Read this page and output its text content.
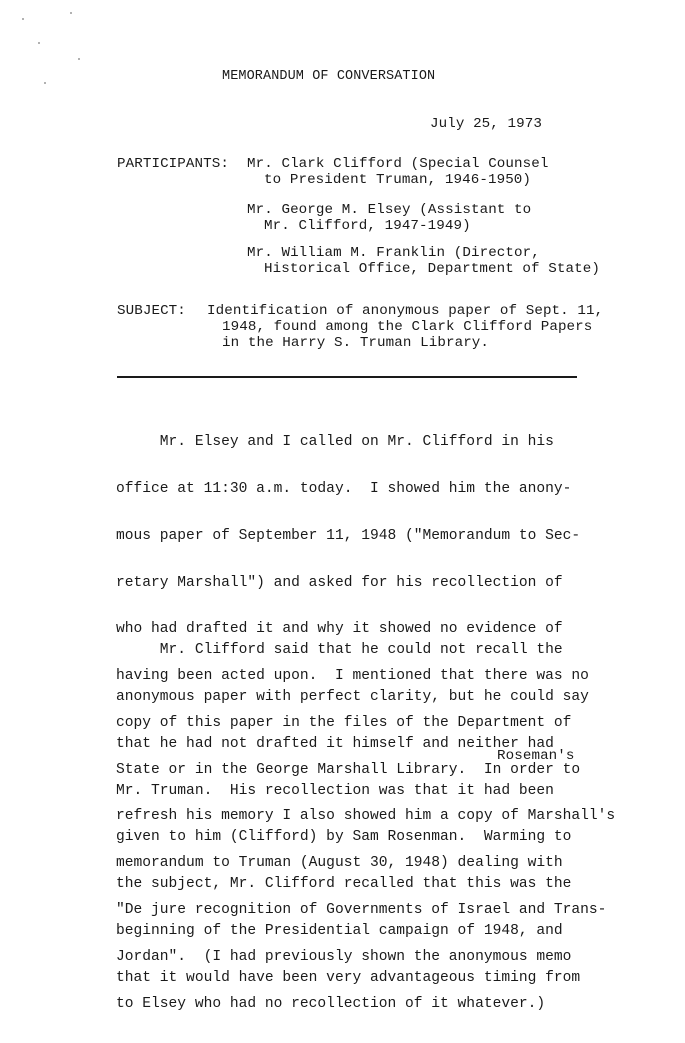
MEMORANDUM OF CONVERSATION
July 25, 1973
PARTICIPANTS: Mr. Clark Clifford (Special Counsel
to President Truman, 1946-1950)
Mr. George M. Elsey (Assistant to
Mr. Clifford, 1947-1949)
Mr. William M. Franklin (Director,
Historical Office, Department of State)
SUBJECT: Identification of anonymous paper of Sept. 11,
1948, found among the Clark Clifford Papers
in the Harry S. Truman Library.

Mr. Elsey and I called on Mr. Clifford in his

office at 11:30 a.m. today.  I showed him the anony-

mous paper of September 11, 1948 ("Memorandum to Sec-

retary Marshall") and asked for his recollection of

who had drafted it and why it showed no evidence of

having been acted upon.  I mentioned that there was no

copy of this paper in the files of the Department of

State or in the George Marshall Library.  In order to

refresh his memory I also showed him a copy of Marshall's

memorandum to Truman (August 30, 1948) dealing with

"De jure recognition of Governments of Israel and Trans-

Jordan".  (I had previously shown the anonymous memo

to Elsey who had no recollection of it whatever.)

Mr. Clifford said that he could not recall the

anonymous paper with perfect clarity, but he could say

that he had not drafted it himself and neither had

Mr. Truman.  His recollection was that it had been

given to him (Clifford) by Sam Rosenman.  Warming to

the subject, Mr. Clifford recalled that this was the

beginning of the Presidential campaign of 1948, and

that it would have been very advantageous timing from

Roseman's
